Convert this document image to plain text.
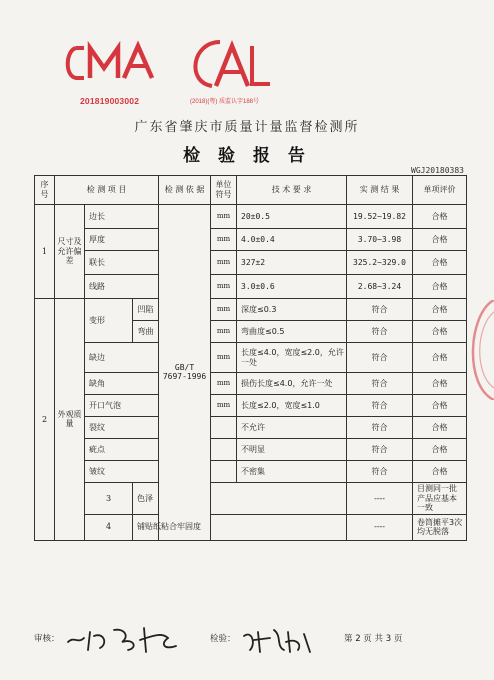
201819003002	(2018)(粤) 质监认字188号
广东省肇庆市质量计量监督检测所
检 验 报 告
WGJ20180383
序号	检 测 项 目			检 测 依 据	单位符号	技 术 要 求	实 测 结 果	单项评价	
1	尺寸及允许偏差	边长		GB/T 7697-1996	mm	20±0.5	19.52~19.82	合格	
		厚度			mm	4.0±0.4	3.70~3.98	合格	
		联长			mm	327±2	325.2~329.0	合格	
		线路			mm	3.0±0.6	2.68~3.24	合格	
2	外观质量	变形	凹陷		mm	深度≤0.3	符合	合格	
			弯曲		mm	弯曲度≤0.5	符合	合格	
		缺边			mm	长度≤4.0，宽度≤2.0，允许一处	符合	合格	
		缺角			mm	损伤长度≤4.0，允许一处	符合	合格	
		开口气泡			mm	长度≤2.0，宽度≤1.0	符合	合格	
		裂纹				不允许	符合	合格	
		疵点				不明显	符合	合格	
		皱纹				不密集	符合	合格	
		3	色泽				----	目测同一批产品应基本一致		
		4	铺贴纸粘合牢固度				----	卷筒摊平3次均无脱落		
审核：	检验：	第 2 页 共 3 页
